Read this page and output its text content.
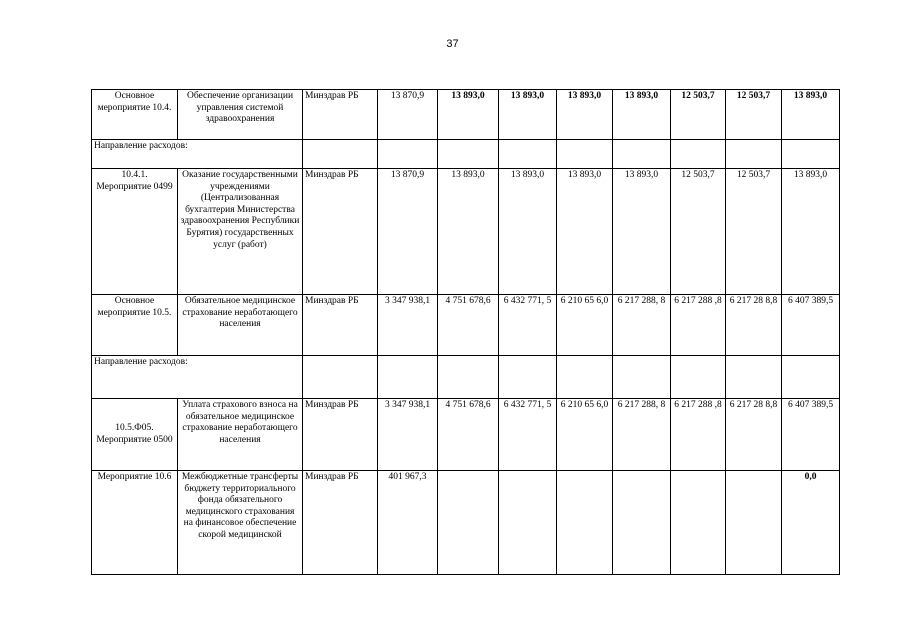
37
Основное мероприятие 10.4.	Обеспечение организации управления системой здравоохранения	Минздрав РБ	13 870,9	13 893,0	13 893,0	13 893,0	13 893,0	12 503,7	12 503,7	13 893,0
Направление расходов:										
10.4.1. Мероприятие 0499	Оказание государственными учреждениями (Централизованная бухгалтерия Министерства здравоохранения Республики Бурятия) государственных услуг (работ)	Минздрав РБ	13 870,9	13 893,0	13 893,0	13 893,0	13 893,0	12 503,7	12 503,7	13 893,0
Основное мероприятие 10.5.	Обязательное медицинское страхование неработающего населения	Минздрав РБ	3 347 938,1	4 751 678,6	6 432 771, 5	6 210 65 6,0	6 217 288, 8	6 217 288 ,8	6 217 28 8,8	6 407 389,5
Направление расходов:										
10.5.Ф05. Мероприятие 0500	Уплата страхового взноса на обязательное медицинское страхование неработающего населения	Минздрав РБ	3 347 938,1	4 751 678,6	6 432 771, 5	6 210 65 6,0	6 217 288, 8	6 217 288 ,8	6 217 28 8,8	6 407 389,5
Мероприятие 10.6	Межбюджетные трансферты бюджету территориального фонда обязательного медицинского страхования на финансовое обеспечение скорой медицинской	Минздрав РБ	401 967,3							0,0
